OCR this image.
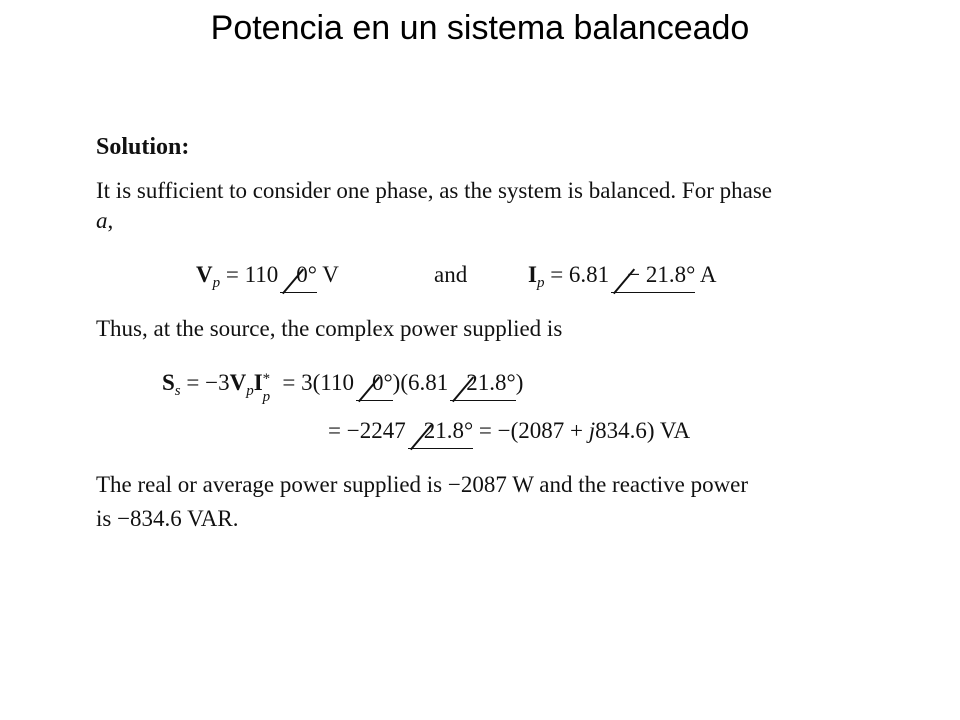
Potencia en un sistema balanceado
Solution:
It is sufficient to consider one phase, as the system is balanced. For phase
a,
$V_p = 110$ 0° V	and	$I_p = 6.81 - 21.8^\circ$ A
Thus, at the source, the complex power supplied is
$S_s = -3V_pI$ *
p
= 3(110 0°)(6.81 21.8°)
= −2247 21.8° = −(2087 + j834.6) VA
The real or average power supplied is −2087 W and the reactive power
is −834.6 VAR.
